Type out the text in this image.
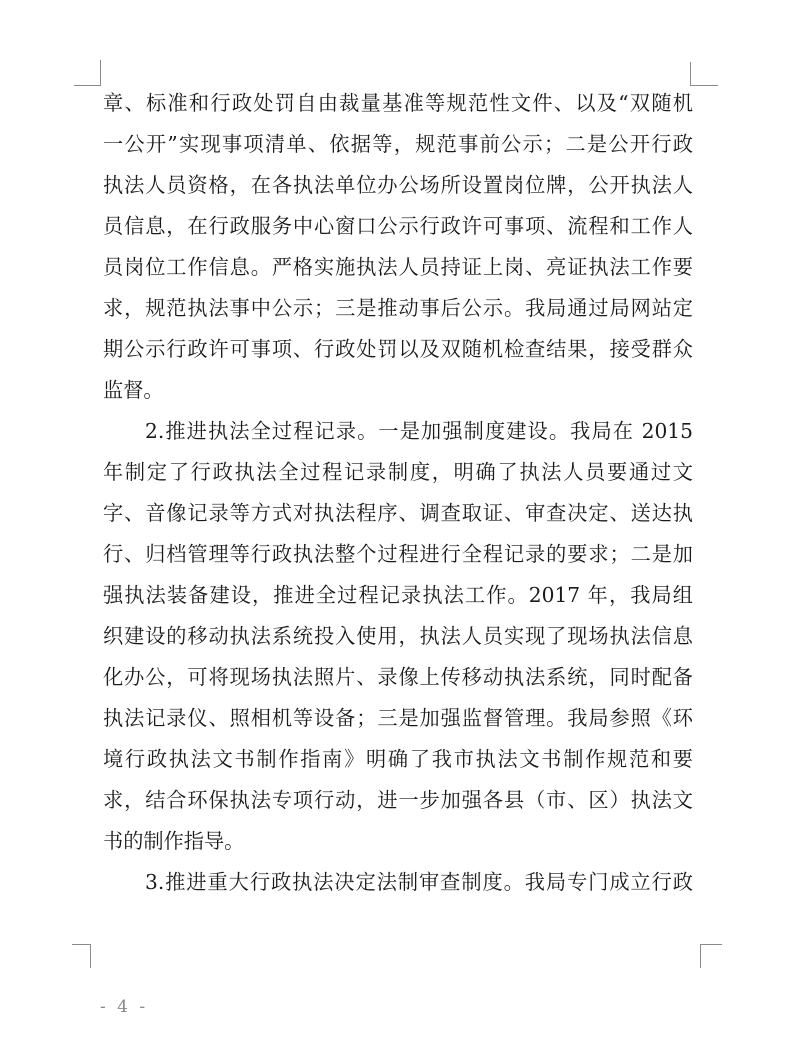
章、标准和行政处罚自由裁量基准等规范性文件、以及“双随机
一公开”实现事项清单、依据等，规范事前公示；二是公开行政
执法人员资格，在各执法单位办公场所设置岗位牌，公开执法人
员信息，在行政服务中心窗口公示行政许可事项、流程和工作人
员岗位工作信息。严格实施执法人员持证上岗、亮证执法工作要
求，规范执法事中公示；三是推动事后公示。我局通过局网站定
期公示行政许可事项、行政处罚以及双随机检查结果，接受群众
监督。
2.推进执法全过程记录。一是加强制度建设。我局在 2015
年制定了行政执法全过程记录制度，明确了执法人员要通过文
字、音像记录等方式对执法程序、调查取证、审查决定、送达执
行、归档管理等行政执法整个过程进行全程记录的要求；二是加
强执法装备建设，推进全过程记录执法工作。2017 年，我局组
织建设的移动执法系统投入使用，执法人员实现了现场执法信息
化办公，可将现场执法照片、录像上传移动执法系统，同时配备
执法记录仪、照相机等设备；三是加强监督管理。我局参照《环
境行政执法文书制作指南》明确了我市执法文书制作规范和要
求，结合环保执法专项行动，进一步加强各县（市、区）执法文
书的制作指导。
3.推进重大行政执法决定法制审查制度。我局专门成立行政
- 4 -
